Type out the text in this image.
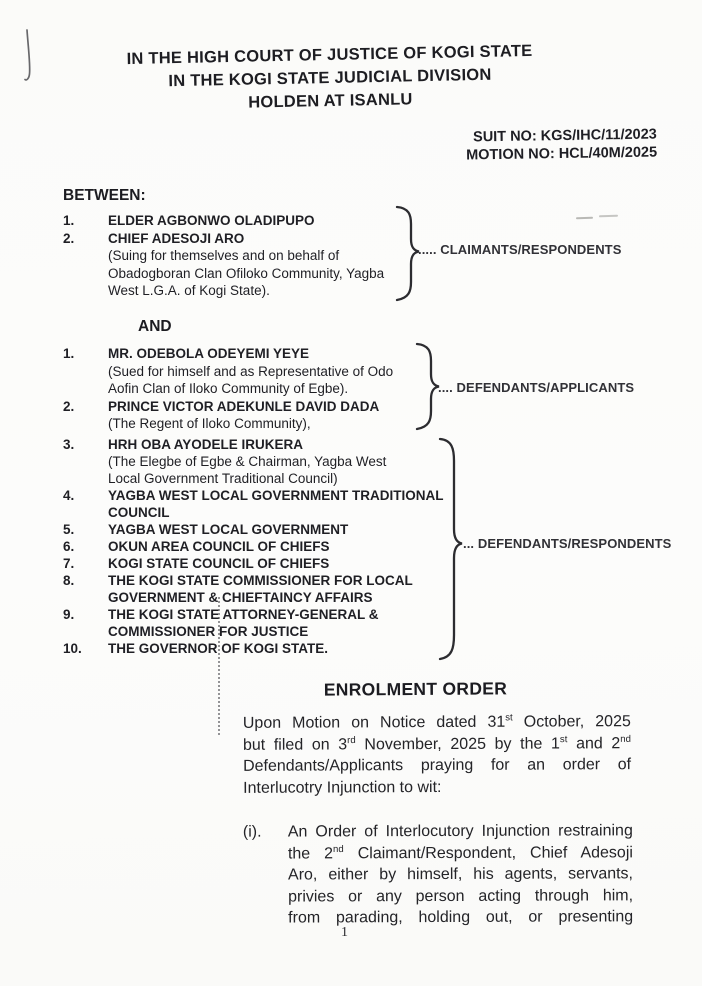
IN THE HIGH COURT OF JUSTICE OF KOGI STATE
IN THE KOGI STATE JUDICIAL DIVISION
HOLDEN AT ISANLU
SUIT NO: KGS/IHC/11/2023
MOTION NO: HCL/40M/2025
BETWEEN:
1.	ELDER AGBONWO OLADIPUPO
2.	CHIEF ADESOJI ARO
(Suing for themselves and on behalf of
Obadogboran Clan Ofiloko Community, Yagba
West L.G.A. of Kogi State).
..... CLAIMANTS/RESPONDENTS
AND
1.	MR. ODEBOLA ODEYEMI YEYE
(Sued for himself and as Representative of Odo
Aofin Clan of Iloko Community of Egbe).
2.	PRINCE VICTOR ADEKUNLE DAVID DADA
(The Regent of Iloko Community),
.... DEFENDANTS/APPLICANTS
3.	HRH OBA AYODELE IRUKERA
(The Elegbe of Egbe & Chairman, Yagba West
Local Government Traditional Council)
4.	YAGBA WEST LOCAL GOVERNMENT TRADITIONAL
COUNCIL
5.	YAGBA WEST LOCAL GOVERNMENT
6.	OKUN AREA COUNCIL OF CHIEFS
7.	KOGI STATE COUNCIL OF CHIEFS
8.	THE KOGI STATE COMMISSIONER FOR LOCAL
GOVERNMENT & CHIEFTAINCY AFFAIRS
9.	THE KOGI STATE ATTORNEY-GENERAL &
COMMISSIONER FOR JUSTICE
10.	THE GOVERNOR OF KOGI STATE.
... DEFENDANTS/RESPONDENTS
ENROLMENT ORDER
Upon Motion on Notice dated 31st October, 2025
but filed on 3rd November, 2025 by the 1st and 2nd
Defendants/Applicants praying for an order of
Interlucotry Injunction to wit:
(i).	An Order of Interlocutory Injunction restraining
the 2nd Claimant/Respondent, Chief Adesoji
Aro, either by himself, his agents, servants,
privies or any person acting through him,
from parading, holding out, or presenting
1
